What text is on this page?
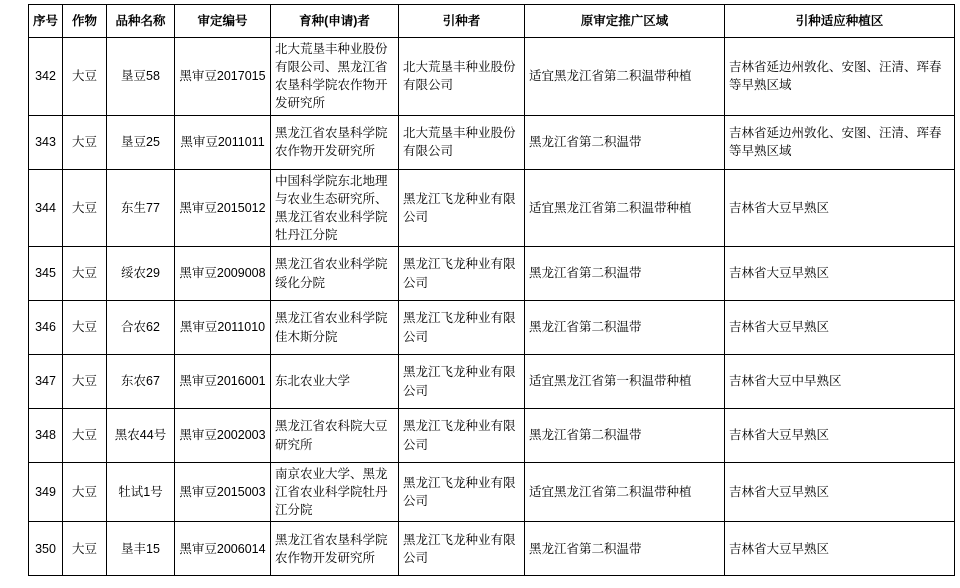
序号	作物	品种名称	审定编号	育种(申请)者	引种者	原审定推广区域	引种适应种植区
342	大豆	垦豆58	黑审豆2017015	北大荒垦丰种业股份有限公司、黑龙江省农垦科学院农作物开发研究所	北大荒垦丰种业股份有限公司	适宜黑龙江省第二积温带种植	吉林省延边州敦化、安图、汪清、珲春等早熟区域
343	大豆	垦豆25	黑审豆2011011	黑龙江省农垦科学院农作物开发研究所	北大荒垦丰种业股份有限公司	黑龙江省第二积温带	吉林省延边州敦化、安图、汪清、珲春等早熟区域
344	大豆	东生77	黑审豆2015012	中国科学院东北地理与农业生态研究所、黑龙江省农业科学院牡丹江分院	黑龙江飞龙种业有限公司	适宜黑龙江省第二积温带种植	吉林省大豆早熟区
345	大豆	绥农29	黑审豆2009008	黑龙江省农业科学院绥化分院	黑龙江飞龙种业有限公司	黑龙江省第二积温带	吉林省大豆早熟区
346	大豆	合农62	黑审豆2011010	黑龙江省农业科学院佳木斯分院	黑龙江飞龙种业有限公司	黑龙江省第二积温带	吉林省大豆早熟区
347	大豆	东农67	黑审豆2016001	东北农业大学	黑龙江飞龙种业有限公司	适宜黑龙江省第一积温带种植	吉林省大豆中早熟区
348	大豆	黑农44号	黑审豆2002003	黑龙江省农科院大豆研究所	黑龙江飞龙种业有限公司	黑龙江省第二积温带	吉林省大豆早熟区
349	大豆	牡试1号	黑审豆2015003	南京农业大学、黑龙江省农业科学院牡丹江分院	黑龙江飞龙种业有限公司	适宜黑龙江省第二积温带种植	吉林省大豆早熟区
350	大豆	垦丰15	黑审豆2006014	黑龙江省农垦科学院农作物开发研究所	黑龙江飞龙种业有限公司	黑龙江省第二积温带	吉林省大豆早熟区
